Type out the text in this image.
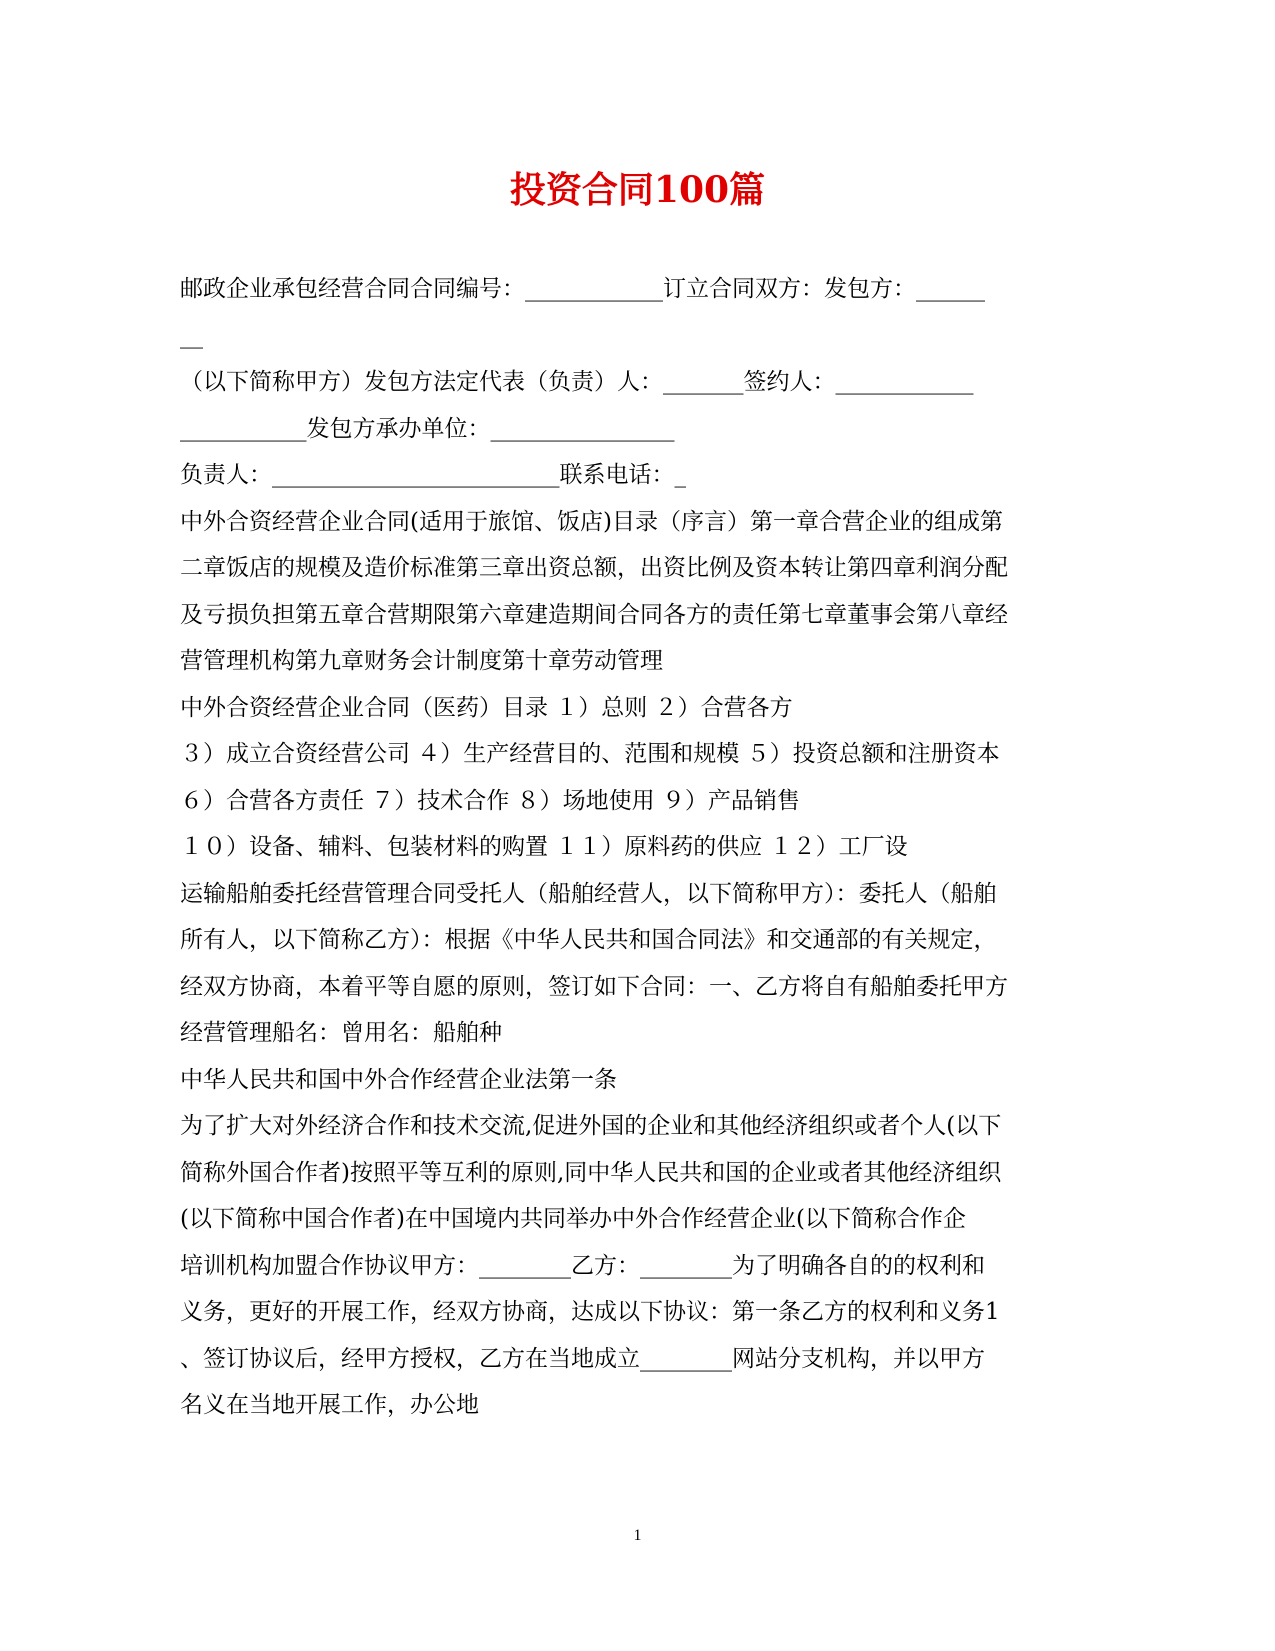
投资合同100篇
邮政企业承包经营合同合同编号：____________订立合同双方：发包方：______
__
（以下简称甲方）发包方法定代表（负责）人：_______签约人：____________
___________发包方承办单位：________________
负责人：_________________________联系电话：_
中外合资经营企业合同(适用于旅馆、饭店)目录（序言）第一章合营企业的组成第
二章饭店的规模及造价标准第三章出资总额，出资比例及资本转让第四章利润分配
及亏损负担第五章合营期限第六章建造期间合同各方的责任第七章董事会第八章经
营管理机构第九章财务会计制度第十章劳动管理
中外合资经营企业合同（医药）目录 １）总则 ２）合营各方
３）成立合资经营公司 ４）生产经营目的、范围和规模 ５）投资总额和注册资本
６）合营各方责任 ７）技术合作 ８）场地使用 ９）产品销售
１０）设备、辅料、包装材料的购置 １１）原料药的供应 １２）工厂设
运输船舶委托经营管理合同受托人（船舶经营人，以下简称甲方）：委托人（船舶
所有人，以下简称乙方）：根据《中华人民共和国合同法》和交通部的有关规定，
经双方协商，本着平等自愿的原则，签订如下合同：一、乙方将自有船舶委托甲方
经营管理船名：曾用名：船舶种
中华人民共和国中外合作经营企业法第一条
为了扩大对外经济合作和技术交流,促进外国的企业和其他经济组织或者个人(以下
简称外国合作者)按照平等互利的原则,同中华人民共和国的企业或者其他经济组织
(以下简称中国合作者)在中国境内共同举办中外合作经营企业(以下简称合作企
培训机构加盟合作协议甲方：________乙方：________为了明确各自的的权利和
义务，更好的开展工作，经双方协商，达成以下协议：第一条乙方的权利和义务1
、签订协议后，经甲方授权，乙方在当地成立________网站分支机构，并以甲方
名义在当地开展工作，办公地
1
